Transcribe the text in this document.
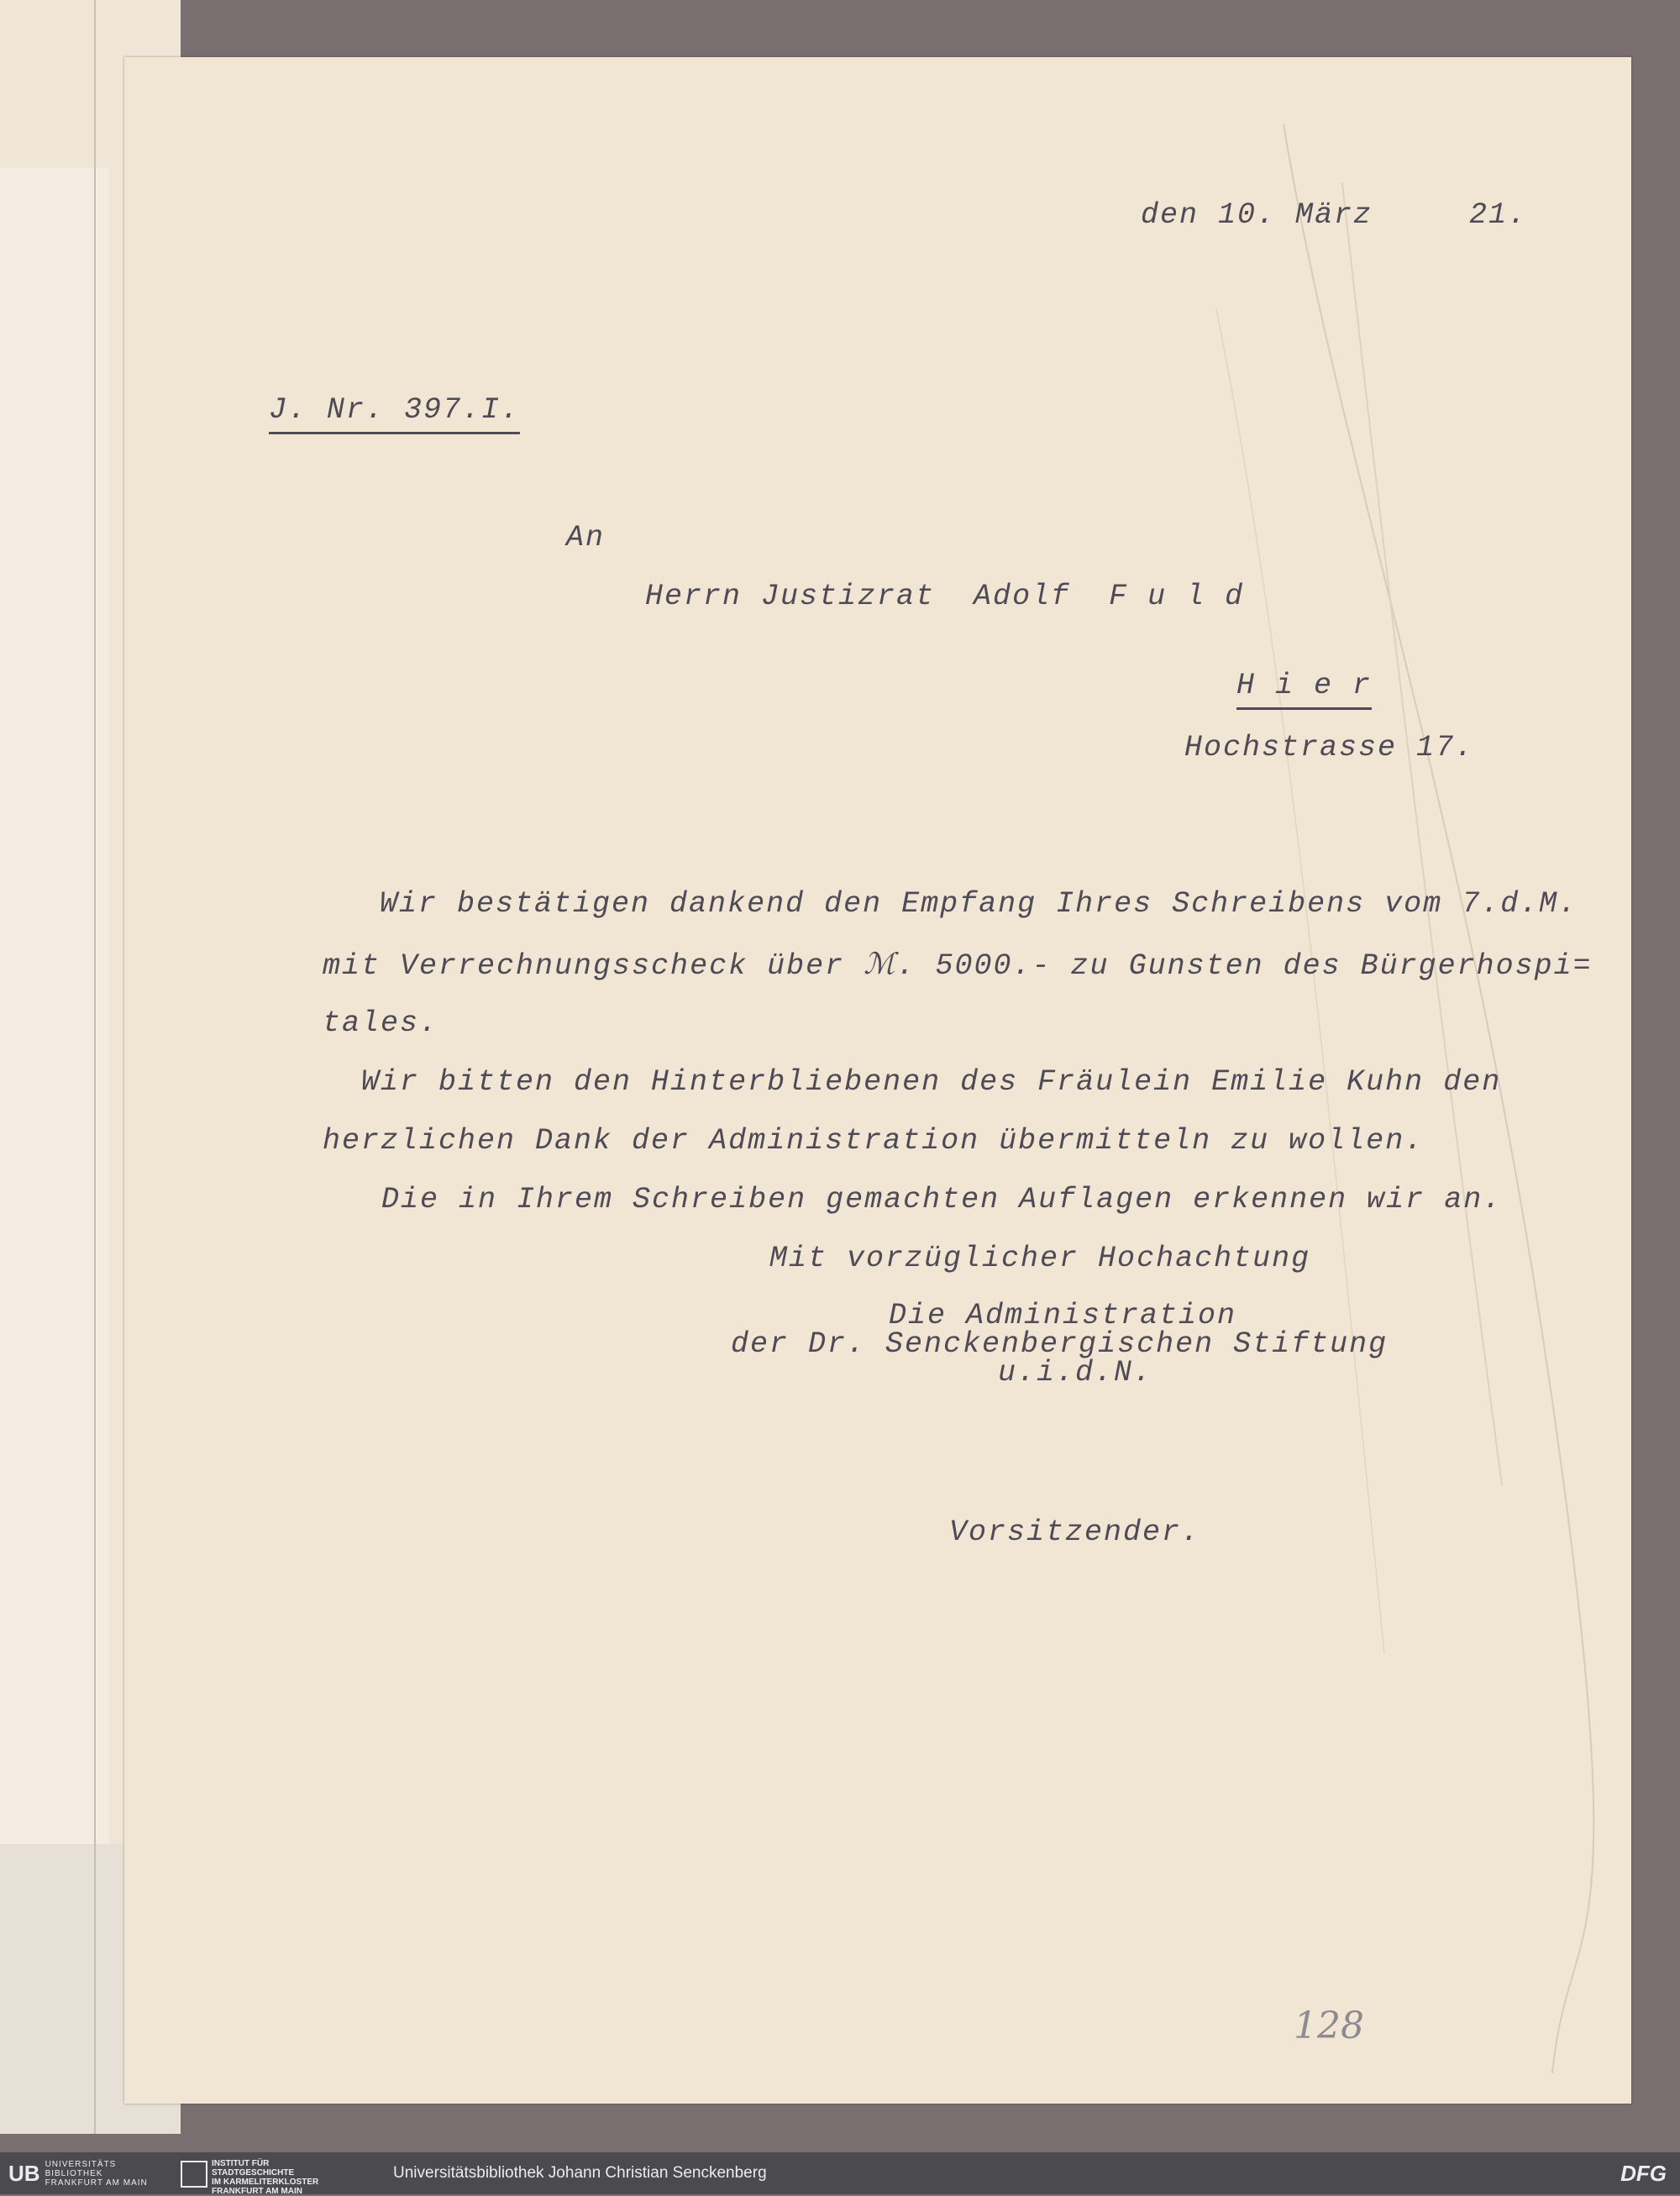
den 10. März     21.
J. Nr. 397.I.
An
Herrn Justizrat  Adolf  F u l d
H i e r
Hochstrasse 17.
Wir bestätigen dankend den Empfang Ihres Schreibens vom 7.d.M.
mit Verrechnungsscheck über ℳ. 5000.- zu Gunsten des Bürgerhospi=
tales.
Wir bitten den Hinterbliebenen des Fräulein Emilie Kuhn den
herzlichen Dank der Administration übermitteln zu wollen.
Die in Ihrem Schreiben gemachten Auflagen erkennen wir an.
Mit vorzüglicher Hochachtung
Die Administration
der Dr. Senckenbergischen Stiftung
u.i.d.N.
Vorsitzender.
128
UB UNIVERSITÄTS
BIBLIOTHEK
FRANKFURT AM MAIN
INSTITUT FÜR
STADTGESCHICHTE
IM KARMELITERKLOSTER
FRANKFURT AM MAIN
Universitätsbibliothek Johann Christian Senckenberg	DFG
